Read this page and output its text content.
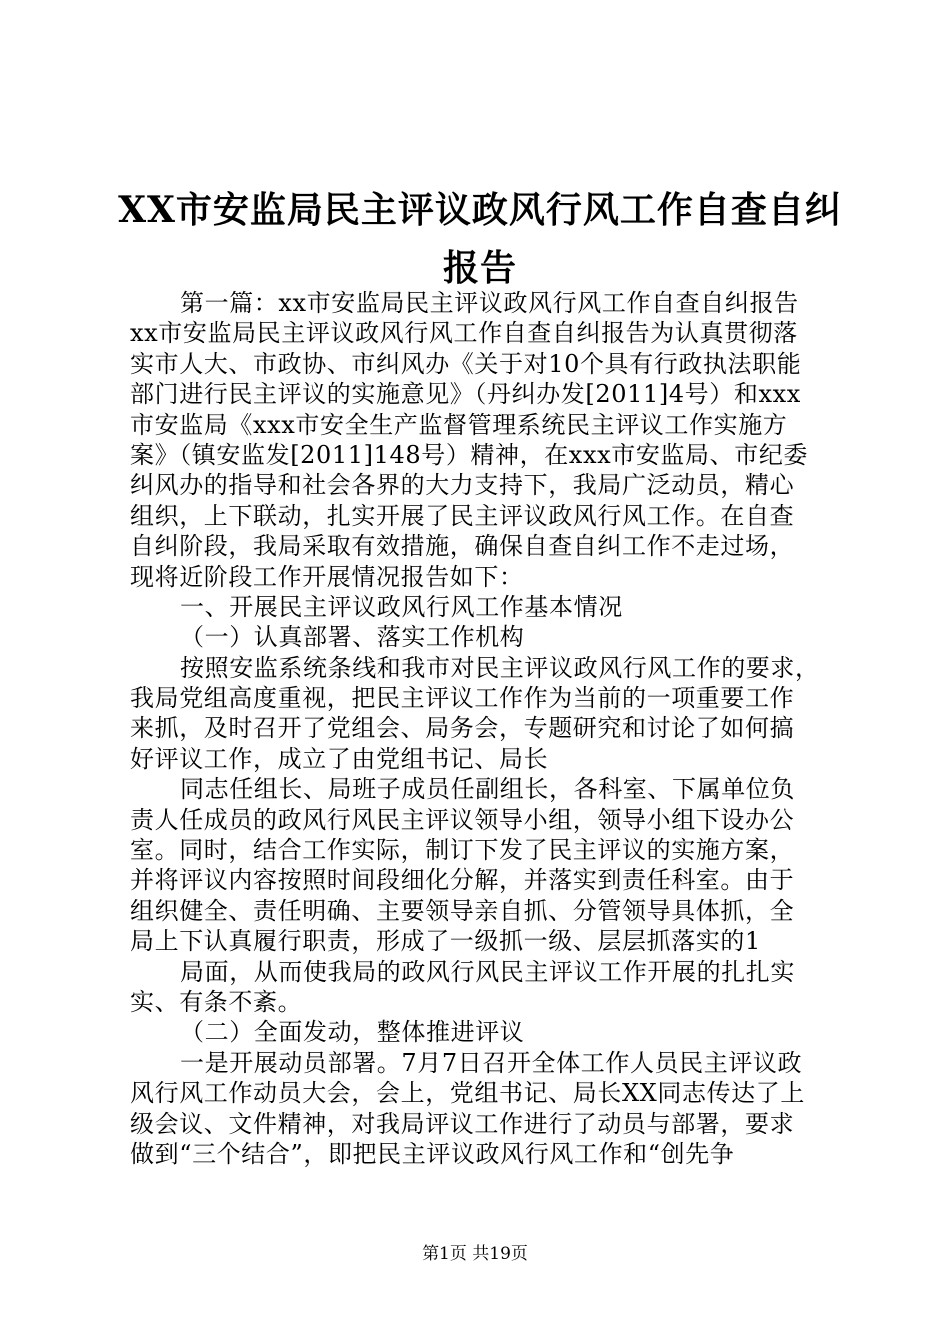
XX市安监局民主评议政风行风工作自查自纠
报告
第一篇：xx市安监局民主评议政风行风工作自查自纠报告
xx市安监局民主评议政风行风工作自查自纠报告为认真贯彻落
实市人大、市政协、市纠风办《关于对10个具有行政执法职能
部门进行民主评议的实施意见》（丹纠办发[2011]4号）和xxx
市安监局《xxx市安全生产监督管理系统民主评议工作实施方
案》（镇安监发[2011]148号）精神，在xxx市安监局、市纪委
纠风办的指导和社会各界的大力支持下，我局广泛动员，精心
组织，上下联动，扎实开展了民主评议政风行风工作。在自查
自纠阶段，我局采取有效措施，确保自查自纠工作不走过场，
现将近阶段工作开展情况报告如下：
一、开展民主评议政风行风工作基本情况
（一）认真部署、落实工作机构
按照安监系统条线和我市对民主评议政风行风工作的要求，
我局党组高度重视，把民主评议工作作为当前的一项重要工作
来抓，及时召开了党组会、局务会，专题研究和讨论了如何搞
好评议工作，成立了由党组书记、局长
同志任组长、局班子成员任副组长，各科室、下属单位负
责人任成员的政风行风民主评议领导小组，领导小组下设办公
室。同时，结合工作实际，制订下发了民主评议的实施方案，
并将评议内容按照时间段细化分解，并落实到责任科室。由于
组织健全、责任明确、主要领导亲自抓、分管领导具体抓，全
局上下认真履行职责，形成了一级抓一级、层层抓落实的1
局面，从而使我局的政风行风民主评议工作开展的扎扎实
实、有条不紊。
（二）全面发动，整体推进评议
一是开展动员部署。7月7日召开全体工作人员民主评议政
风行风工作动员大会，会上，党组书记、局长XX同志传达了上
级会议、文件精神，对我局评议工作进行了动员与部署，要求
做到“三个结合”，即把民主评议政风行风工作和“创先争
第1页 共19页
